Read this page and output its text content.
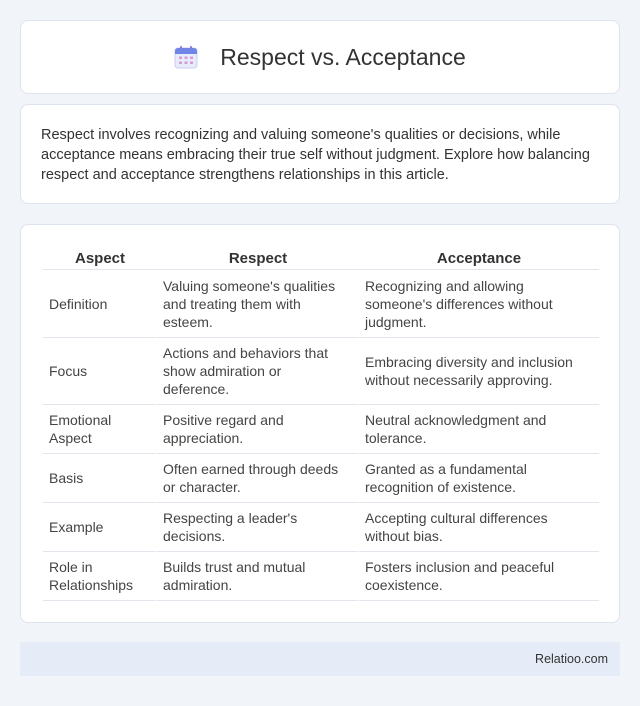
Respect vs. Acceptance

Respect involves recognizing and valuing someone's qualities or decisions, while acceptance means embracing their true self without judgment. Explore how balancing respect and acceptance strengthens relationships in this article.

Aspect	Respect	Acceptance
Definition	Valuing someone's qualities and treating them with esteem.	Recognizing and allowing someone's differences without judgment.
Focus	Actions and behaviors that show admiration or deference.	Embracing diversity and inclusion without necessarily approving.
Emotional Aspect	Positive regard and appreciation.	Neutral acknowledgment and tolerance.
Basis	Often earned through deeds or character.	Granted as a fundamental recognition of existence.
Example	Respecting a leader's decisions.	Accepting cultural differences without bias.
Role in Relationships	Builds trust and mutual admiration.	Fosters inclusion and peaceful coexistence.
Relatioo.com
